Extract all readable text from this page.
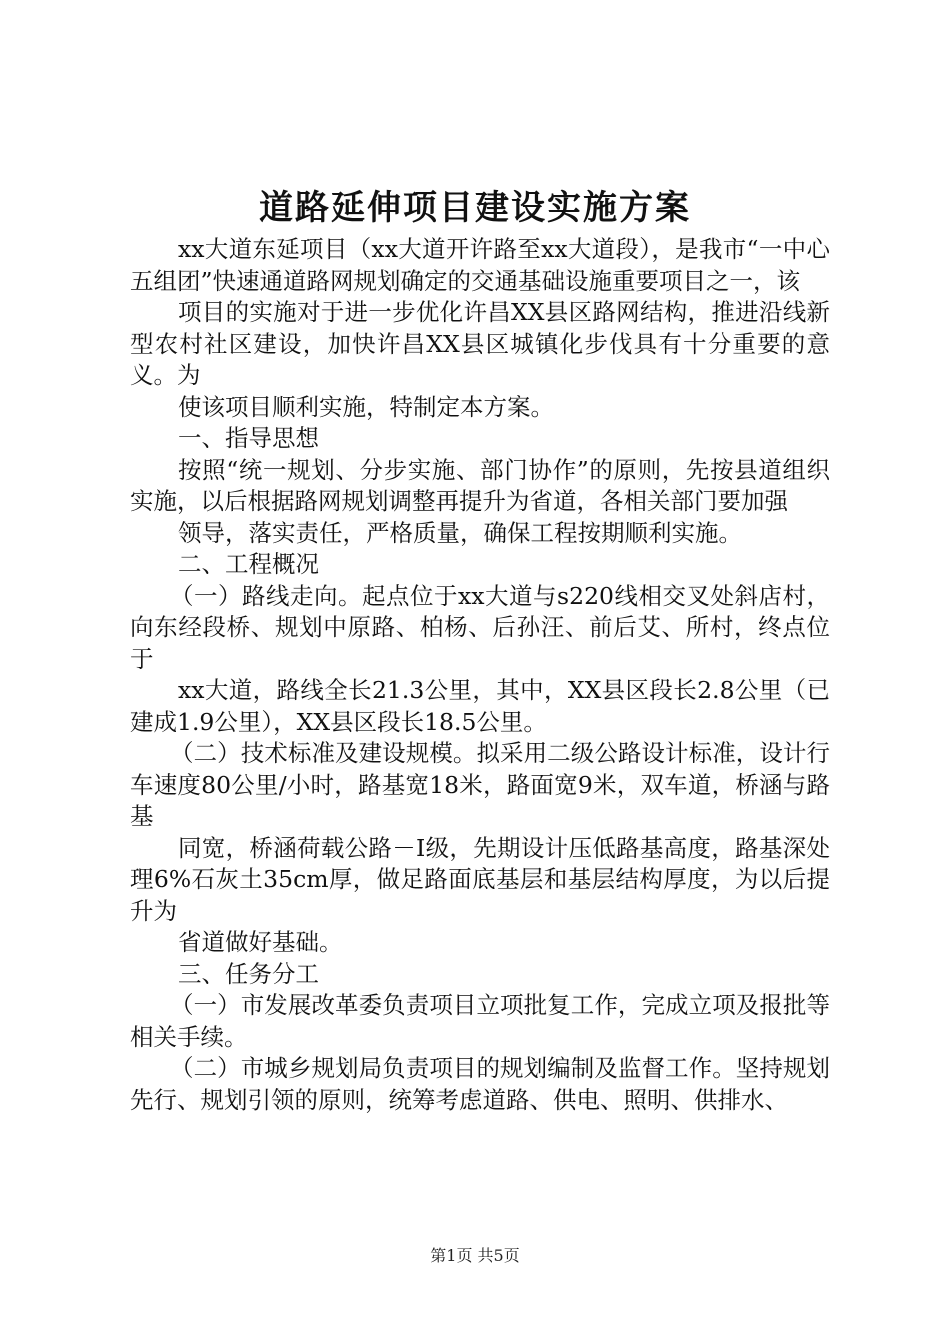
道路延伸项目建设实施方案

xx大道东延项目（xx大道开许路至xx大道段），是我市“一中心五组团”快速通道路网规划确定的交通基础设施重要项目之一，该

项目的实施对于进一步优化许昌XX县区路网结构，推进沿线新型农村社区建设，加快许昌XX县区城镇化步伐具有十分重要的意义。为

使该项目顺利实施，特制定本方案。

一、指导思想

按照“统一规划、分步实施、部门协作”的原则，先按县道组织实施，以后根据路网规划调整再提升为省道，各相关部门要加强

领导，落实责任，严格质量，确保工程按期顺利实施。

二、工程概况

（一）路线走向。起点位于xx大道与s220线相交叉处斜店村，向东经段桥、规划中原路、柏杨、后孙汪、前后艾、所村，终点位于

xx大道，路线全长21.3公里，其中，XX县区段长2.8公里（已建成1.9公里），XX县区段长18.5公里。

（二）技术标准及建设规模。拟采用二级公路设计标准，设计行车速度80公里/小时，路基宽18米，路面宽9米，双车道，桥涵与路基

同宽，桥涵荷载公路－Ⅰ级，先期设计压低路基高度，路基深处理6%石灰土35cm厚，做足路面底基层和基层结构厚度，为以后提升为

省道做好基础。

三、任务分工

（一）市发展改革委负责项目立项批复工作，完成立项及报批等相关手续。

（二）市城乡规划局负责项目的规划编制及监督工作。坚持规划先行、规划引领的原则，统筹考虑道路、供电、照明、供排水、

第1页 共5页
